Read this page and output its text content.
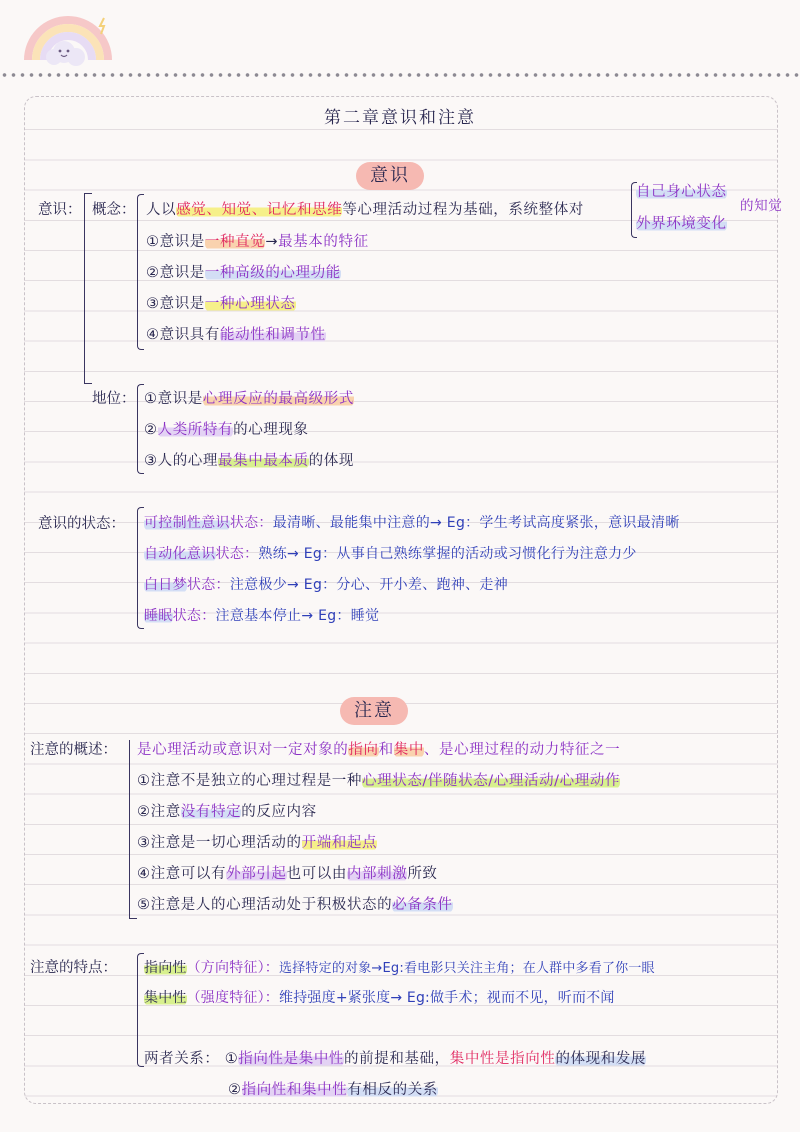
第二章意识和注意
意识
意识： 概念： 人以感觉、知觉、记忆和思维等心理活动过程为基础，系统整体对
自己身心状态
外界环境变化
的知觉
①意识是一种直觉→最基本的特征
②意识是一种高级的心理功能
③意识是一种心理状态
④意识具有能动性和调节性
地位： ①意识是心理反应的最高级形式
②人类所特有的心理现象
③人的心理最集中最本质的体现
意识的状态： 可控制性意识状态：最清晰、最能集中注意的→ Eg：学生考试高度紧张，意识最清晰
自动化意识状态：熟练→ Eg：从事自己熟练掌握的活动或习惯化行为注意力少
白日梦状态：注意极少→ Eg：分心、开小差、跑神、走神
睡眠状态：注意基本停止→ Eg：睡觉
注意
注意的概述： 是心理活动或意识对一定对象的指向和集中、是心理过程的动力特征之一
①注意不是独立的心理过程是一种心理状态/伴随状态/心理活动/心理动作
②注意没有特定的反应内容
③注意是一切心理活动的开端和起点
④注意可以有外部引起也可以由内部刺激所致
⑤注意是人的心理活动处于积极状态的必备条件
注意的特点： 指向性（方向特征）：选择特定的对象→Eg:看电影只关注主角；在人群中多看了你一眼
集中性（强度特征）：维持强度+紧张度→ Eg:做手术；视而不见，听而不闻
两者关系： ①指向性是集中性的前提和基础，集中性是指向性的体现和发展
②指向性和集中性有相反的关系
